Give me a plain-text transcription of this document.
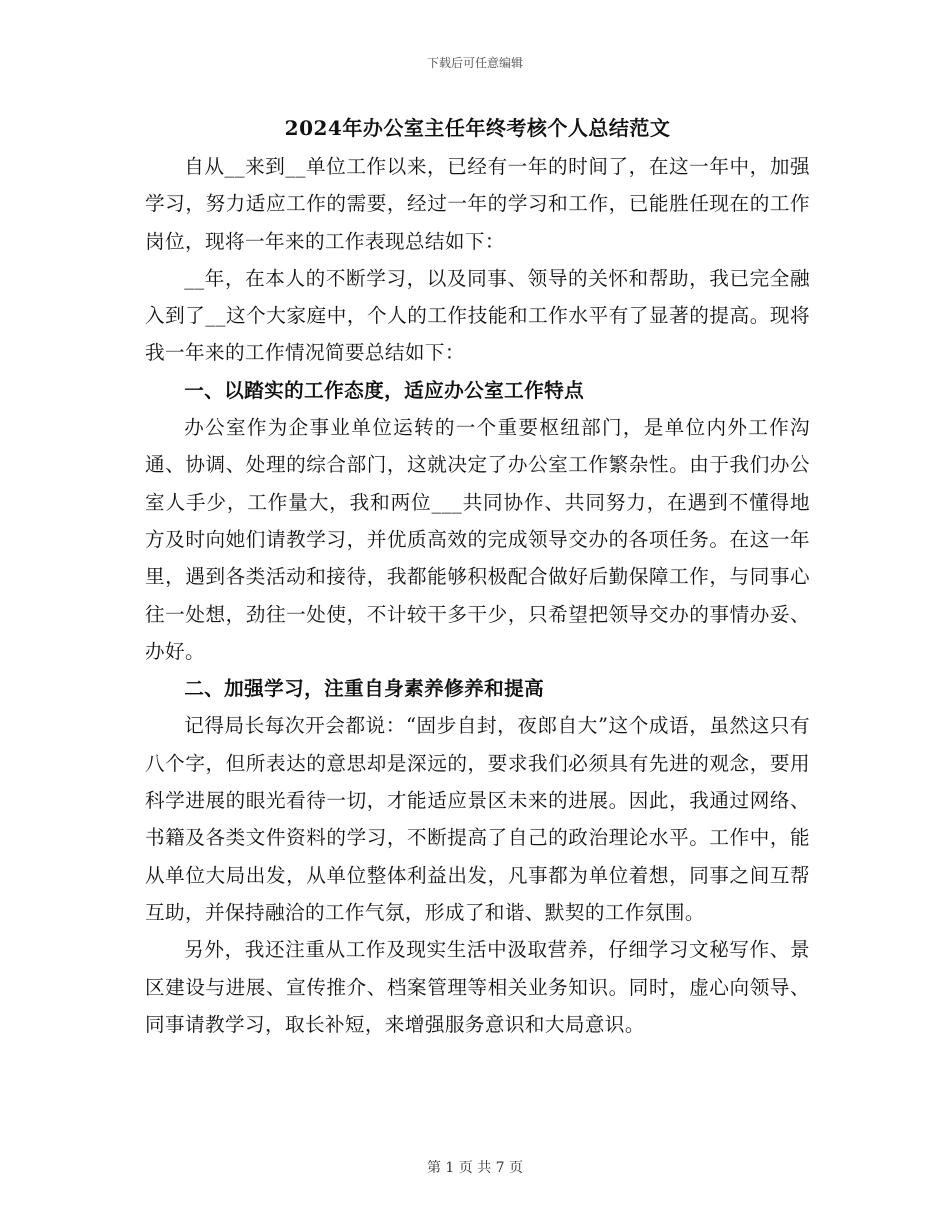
下载后可任意编辑
2024年办公室主任年终考核个人总结范文

自从__来到__单位工作以来，已经有一年的时间了，在这一年中，加强学习，努力适应工作的需要，经过一年的学习和工作，已能胜任现在的工作岗位，现将一年来的工作表现总结如下：

__年，在本人的不断学习，以及同事、领导的关怀和帮助，我已完全融入到了__这个大家庭中，个人的工作技能和工作水平有了显著的提高。现将我一年来的工作情况简要总结如下：

一、以踏实的工作态度，适应办公室工作特点

办公室作为企事业单位运转的一个重要枢纽部门，是单位内外工作沟通、协调、处理的综合部门，这就决定了办公室工作繁杂性。由于我们办公室人手少，工作量大，我和两位___共同协作、共同努力，在遇到不懂得地方及时向她们请教学习，并优质高效的完成领导交办的各项任务。在这一年里，遇到各类活动和接待，我都能够积极配合做好后勤保障工作，与同事心往一处想，劲往一处使，不计较干多干少，只希望把领导交办的事情办妥、办好。

二、加强学习，注重自身素养修养和提高

记得局长每次开会都说：“固步自封，夜郎自大”这个成语，虽然这只有八个字，但所表达的意思却是深远的，要求我们必须具有先进的观念，要用科学进展的眼光看待一切，才能适应景区未来的进展。因此，我通过网络、书籍及各类文件资料的学习，不断提高了自己的政治理论水平。工作中，能从单位大局出发，从单位整体利益出发，凡事都为单位着想，同事之间互帮互助，并保持融洽的工作气氛，形成了和谐、默契的工作氛围。

另外，我还注重从工作及现实生活中汲取营养，仔细学习文秘写作、景区建设与进展、宣传推介、档案管理等相关业务知识。同时，虚心向领导、同事请教学习，取长补短，来增强服务意识和大局意识。

第 1 页 共 7 页
